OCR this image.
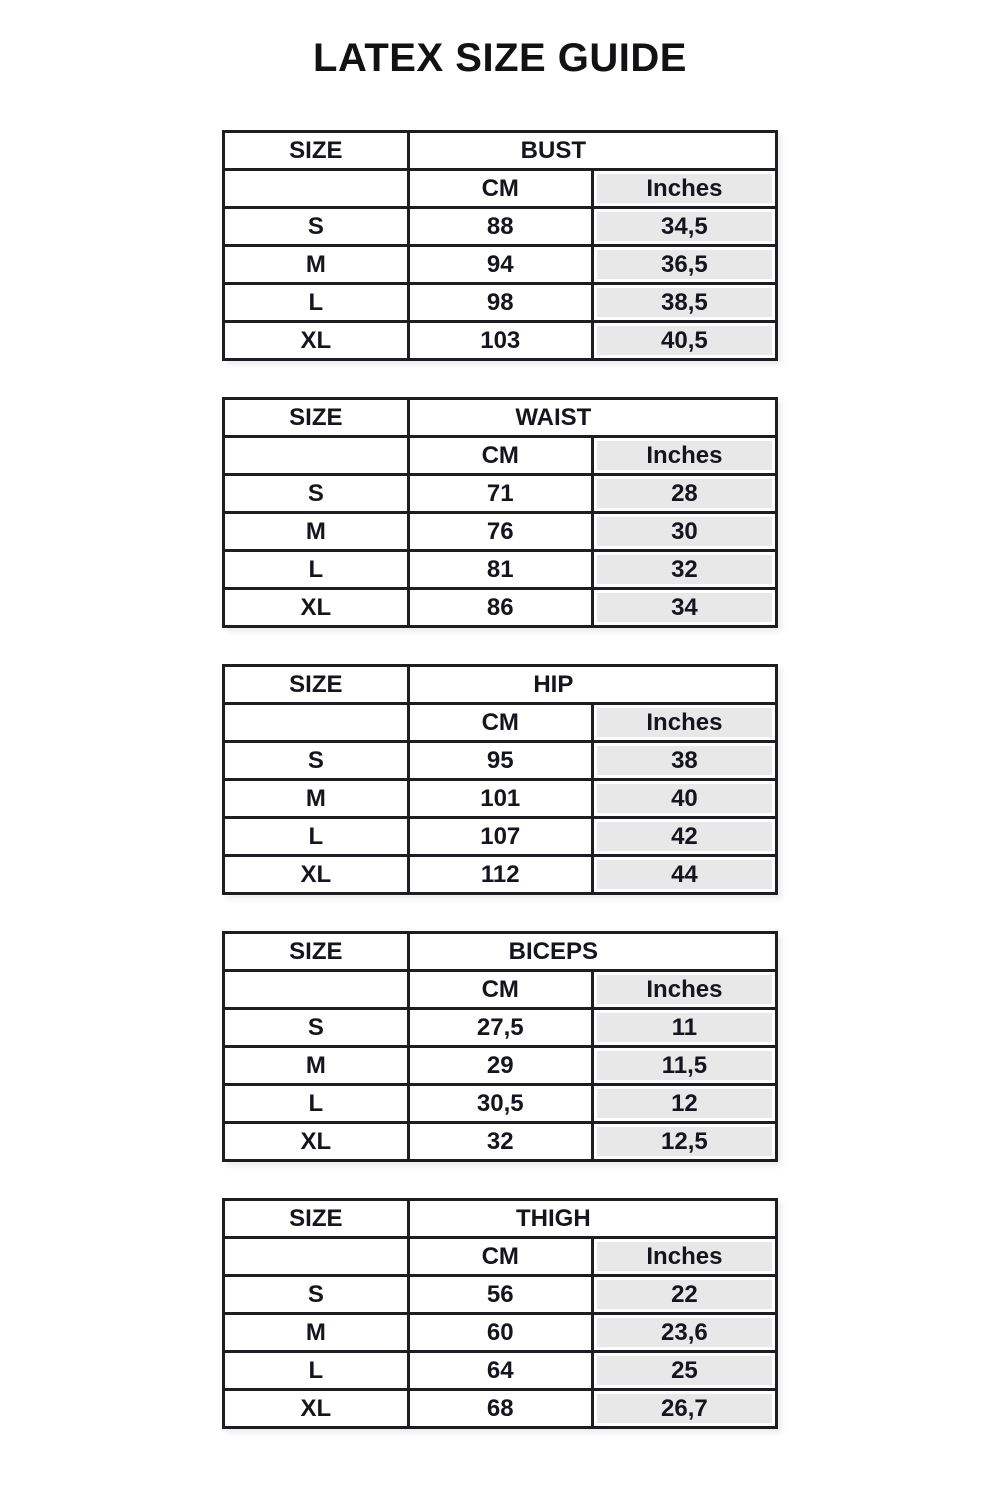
LATEX SIZE GUIDE
SIZE	BUST	
	CM	Inches
S	88	34,5
M	94	36,5
L	98	38,5
XL	103	40,5
SIZE	WAIST	
	CM	Inches
S	71	28
M	76	30
L	81	32
XL	86	34
SIZE	HIP	
	CM	Inches
S	95	38
M	101	40
L	107	42
XL	112	44
SIZE	BICEPS	
	CM	Inches
S	27,5	11
M	29	11,5
L	30,5	12
XL	32	12,5
SIZE	THIGH	
	CM	Inches
S	56	22
M	60	23,6
L	64	25
XL	68	26,7
